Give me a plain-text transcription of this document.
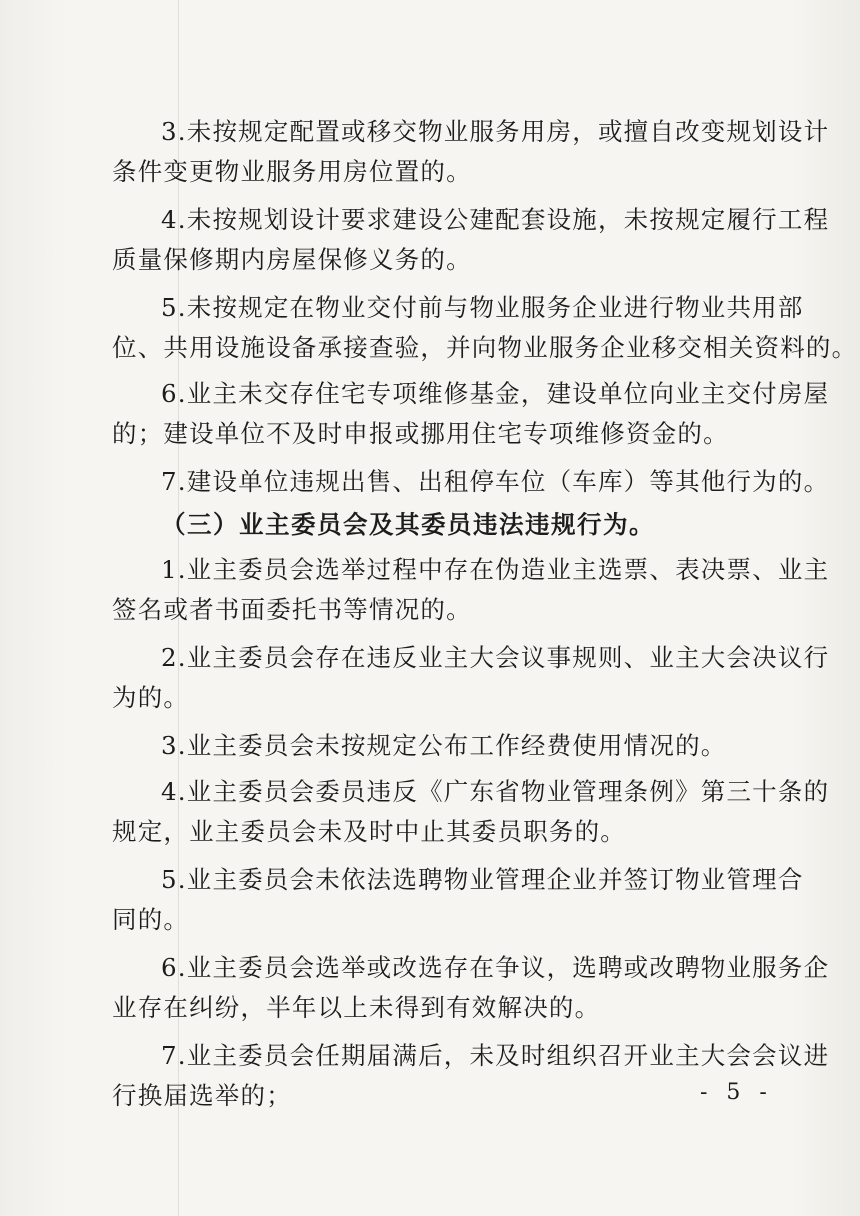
3.未按规定配置或移交物业服务用房，或擅自改变规划设计
条件变更物业服务用房位置的。
4.未按规划设计要求建设公建配套设施，未按规定履行工程
质量保修期内房屋保修义务的。
5.未按规定在物业交付前与物业服务企业进行物业共用部
位、共用设施设备承接查验，并向物业服务企业移交相关资料的。
6.业主未交存住宅专项维修基金，建设单位向业主交付房屋
的；建设单位不及时申报或挪用住宅专项维修资金的。
7.建设单位违规出售、出租停车位（车库）等其他行为的。
（三）业主委员会及其委员违法违规行为。
1.业主委员会选举过程中存在伪造业主选票、表决票、业主
签名或者书面委托书等情况的。
2.业主委员会存在违反业主大会议事规则、业主大会决议行
为的。
3.业主委员会未按规定公布工作经费使用情况的。
4.业主委员会委员违反《广东省物业管理条例》第三十条的
规定，业主委员会未及时中止其委员职务的。
5.业主委员会未依法选聘物业管理企业并签订物业管理合
同的。
6.业主委员会选举或改选存在争议，选聘或改聘物业服务企
业存在纠纷，半年以上未得到有效解决的。
7.业主委员会任期届满后，未及时组织召开业主大会会议进
行换届选举的；	- 5 -
